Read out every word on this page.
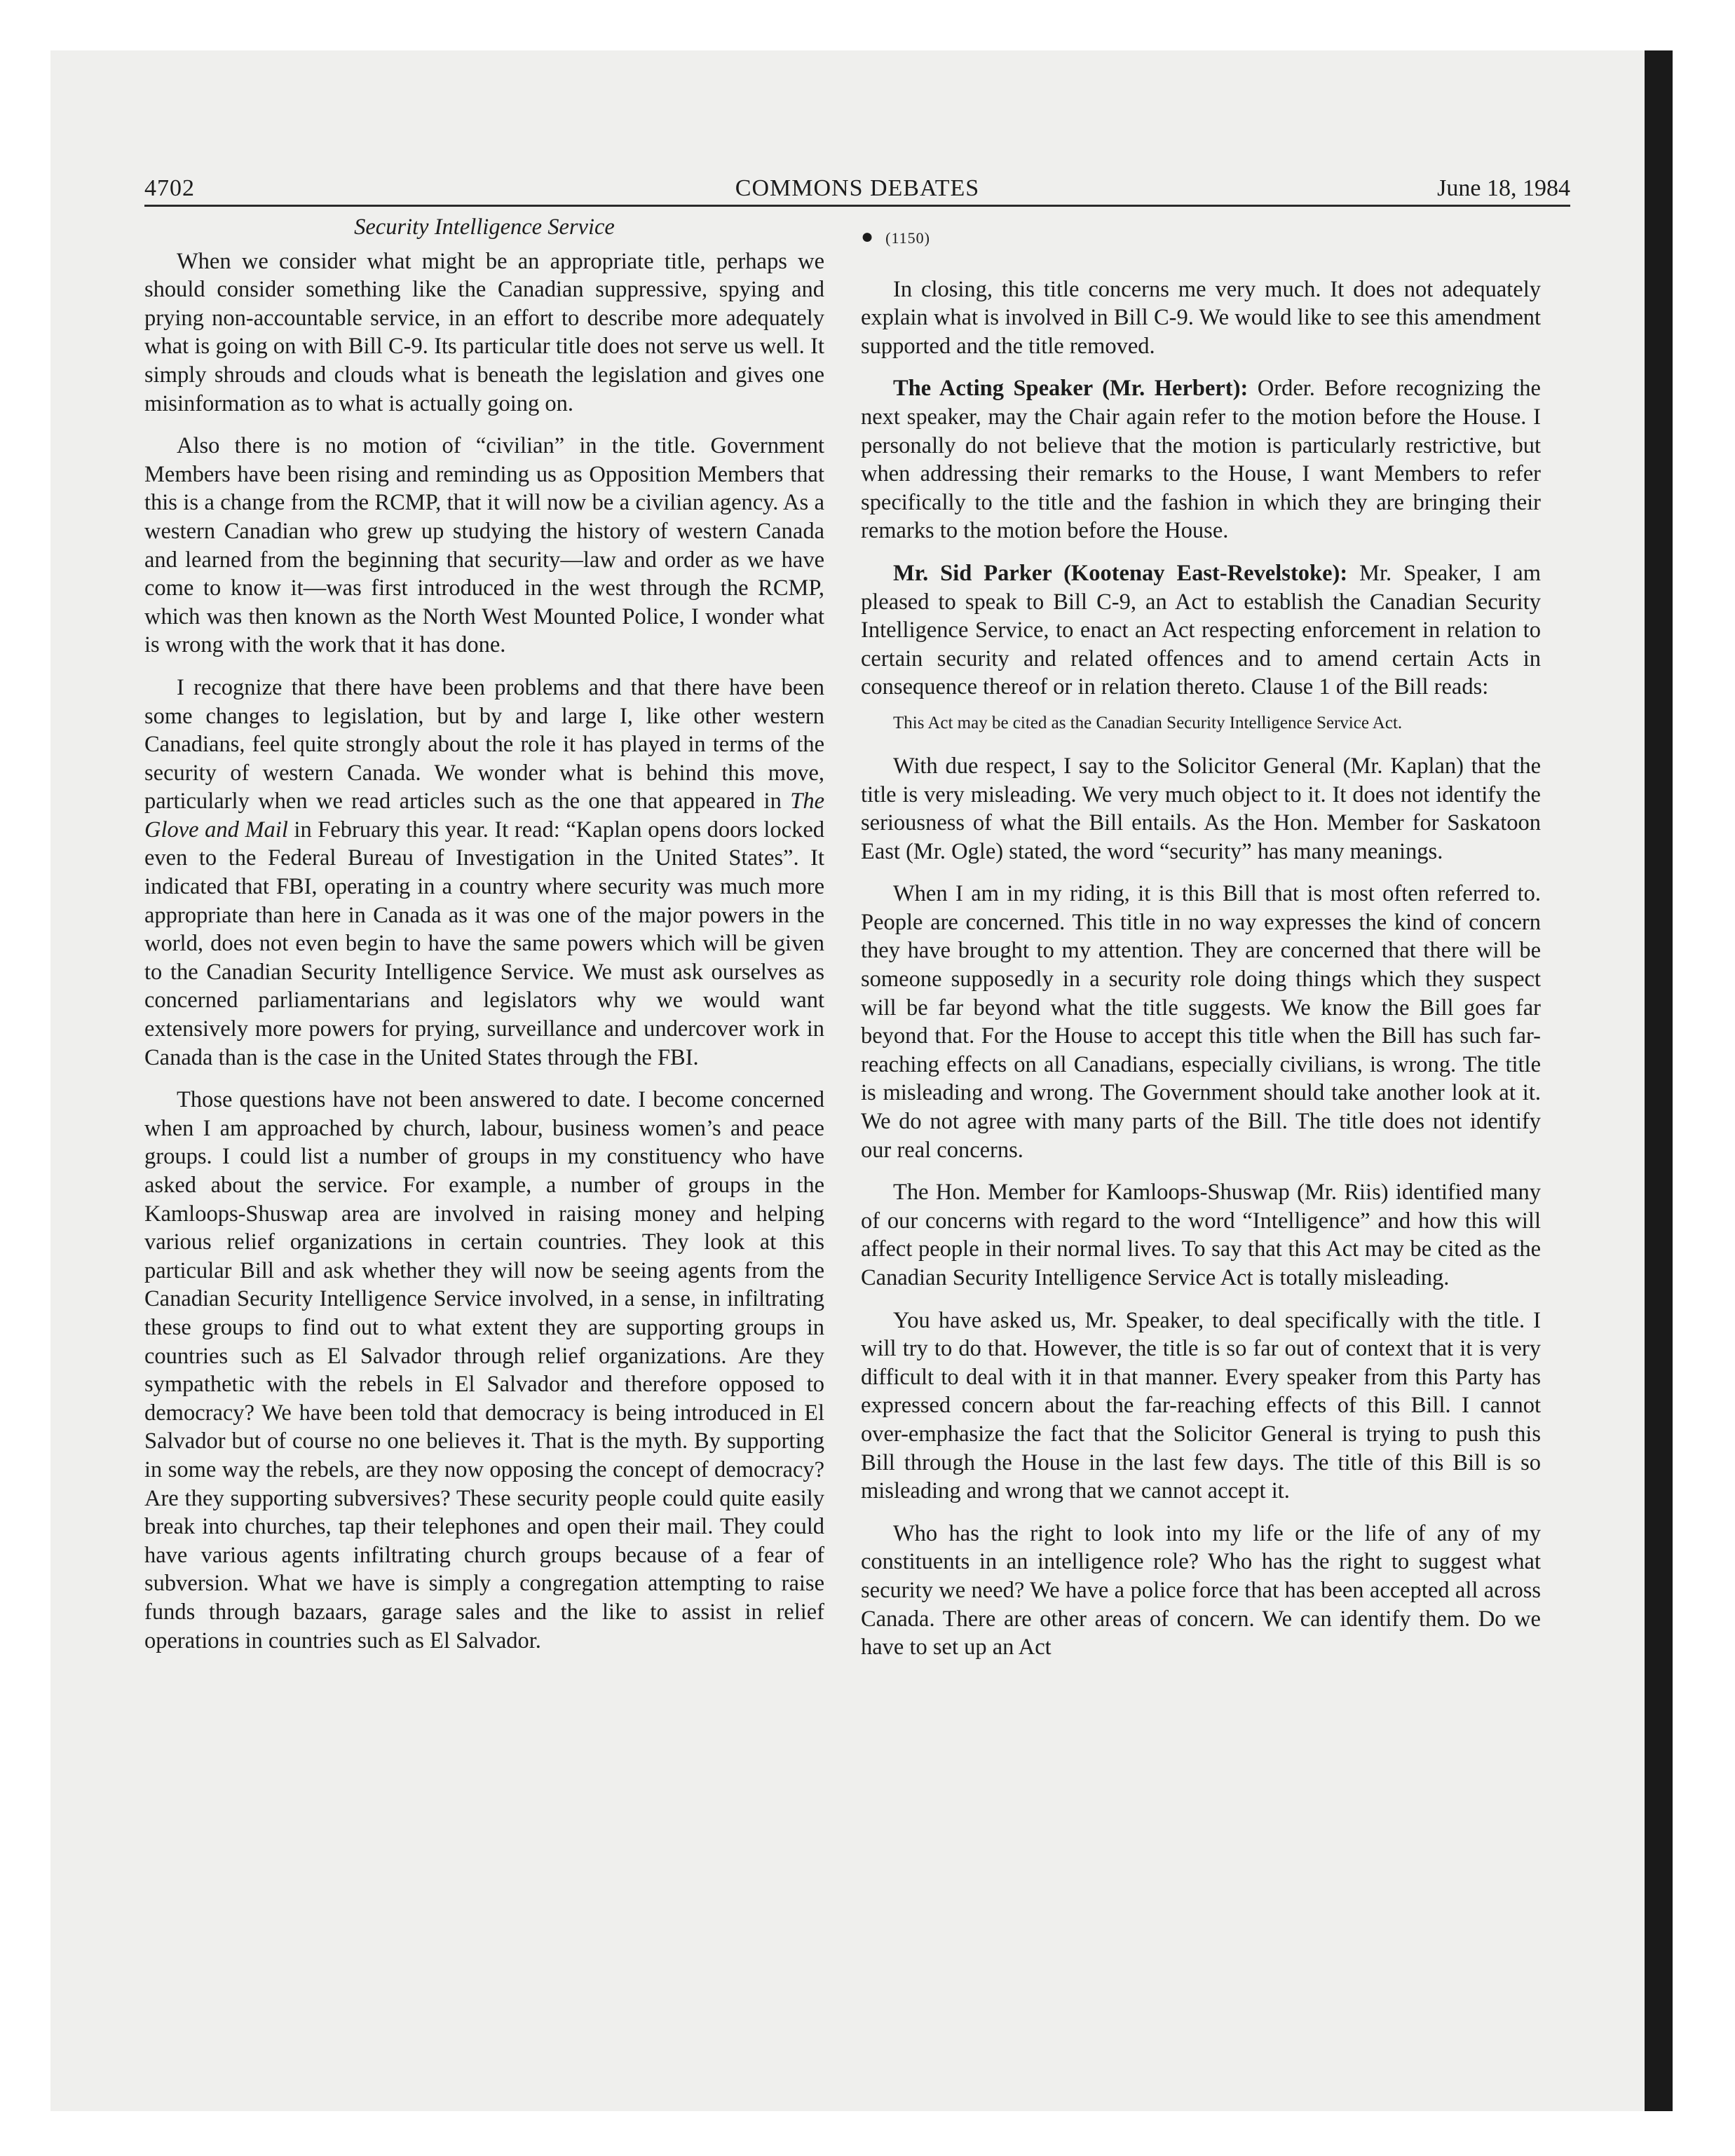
4702	COMMONS DEBATES	June 18, 1984

Security Intelligence Service

When we consider what might be an appropriate title, perhaps we should consider something like the Canadian suppressive, spying and prying non-accountable service, in an effort to describe more adequately what is going on with Bill C-9. Its particular title does not serve us well. It simply shrouds and clouds what is beneath the legislation and gives one misinformation as to what is actually going on.

Also there is no motion of “civilian” in the title. Government Members have been rising and reminding us as Opposition Members that this is a change from the RCMP, that it will now be a civilian agency. As a western Canadian who grew up studying the history of western Canada and learned from the beginning that security—law and order as we have come to know it—was first introduced in the west through the RCMP, which was then known as the North West Mounted Police, I wonder what is wrong with the work that it has done.

I recognize that there have been problems and that there have been some changes to legislation, but by and large I, like other western Canadians, feel quite strongly about the role it has played in terms of the security of western Canada. We wonder what is behind this move, particularly when we read articles such as the one that appeared in The Glove and Mail in February this year. It read: “Kaplan opens doors locked even to the Federal Bureau of Investigation in the United States”. It indicated that FBI, operating in a country where security was much more appropriate than here in Canada as it was one of the major powers in the world, does not even begin to have the same powers which will be given to the Canadian Security Intelligence Service. We must ask ourselves as concerned parliamentarians and legislators why we would want extensively more powers for prying, surveillance and undercover work in Canada than is the case in the United States through the FBI.

Those questions have not been answered to date. I become concerned when I am approached by church, labour, business women’s and peace groups. I could list a number of groups in my constituency who have asked about the service. For example, a number of groups in the Kamloops-Shuswap area are involved in raising money and helping various relief organizations in certain countries. They look at this particular Bill and ask whether they will now be seeing agents from the Canadian Security Intelligence Service involved, in a sense, in infiltrating these groups to find out to what extent they are supporting groups in countries such as El Salvador through relief organizations. Are they sympathetic with the rebels in El Salvador and therefore opposed to democracy? We have been told that democracy is being introduced in El Salvador but of course no one believes it. That is the myth. By supporting in some way the rebels, are they now opposing the concept of democracy? Are they supporting subversives? These security people could quite easily break into churches, tap their telephones and open their mail. They could have various agents infiltrating church groups because of a fear of subversion. What we have is simply a congregation attempting to raise funds through bazaars, garage sales and the like to assist in relief operations in countries such as El Salvador.

● (1150)

In closing, this title concerns me very much. It does not adequately explain what is involved in Bill C-9. We would like to see this amendment supported and the title removed.

The Acting Speaker (Mr. Herbert): Order. Before recognizing the next speaker, may the Chair again refer to the motion before the House. I personally do not believe that the motion is particularly restrictive, but when addressing their remarks to the House, I want Members to refer specifically to the title and the fashion in which they are bringing their remarks to the motion before the House.

Mr. Sid Parker (Kootenay East-Revelstoke): Mr. Speaker, I am pleased to speak to Bill C-9, an Act to establish the Canadian Security Intelligence Service, to enact an Act respecting enforcement in relation to certain security and related offences and to amend certain Acts in consequence thereof or in relation thereto. Clause 1 of the Bill reads:

This Act may be cited as the Canadian Security Intelligence Service Act.

With due respect, I say to the Solicitor General (Mr. Kaplan) that the title is very misleading. We very much object to it. It does not identify the seriousness of what the Bill entails. As the Hon. Member for Saskatoon East (Mr. Ogle) stated, the word “security” has many meanings.

When I am in my riding, it is this Bill that is most often referred to. People are concerned. This title in no way expresses the kind of concern they have brought to my attention. They are concerned that there will be someone supposedly in a security role doing things which they suspect will be far beyond what the title suggests. We know the Bill goes far beyond that. For the House to accept this title when the Bill has such far-reaching effects on all Canadians, especially civilians, is wrong. The title is misleading and wrong. The Government should take another look at it. We do not agree with many parts of the Bill. The title does not identify our real concerns.

The Hon. Member for Kamloops-Shuswap (Mr. Riis) identified many of our concerns with regard to the word “Intelligence” and how this will affect people in their normal lives. To say that this Act may be cited as the Canadian Security Intelligence Service Act is totally misleading.

You have asked us, Mr. Speaker, to deal specifically with the title. I will try to do that. However, the title is so far out of context that it is very difficult to deal with it in that manner. Every speaker from this Party has expressed concern about the far-reaching effects of this Bill. I cannot over-emphasize the fact that the Solicitor General is trying to push this Bill through the House in the last few days. The title of this Bill is so misleading and wrong that we cannot accept it.

Who has the right to look into my life or the life of any of my constituents in an intelligence role? Who has the right to suggest what security we need? We have a police force that has been accepted all across Canada. There are other areas of concern. We can identify them. Do we have to set up an Act
